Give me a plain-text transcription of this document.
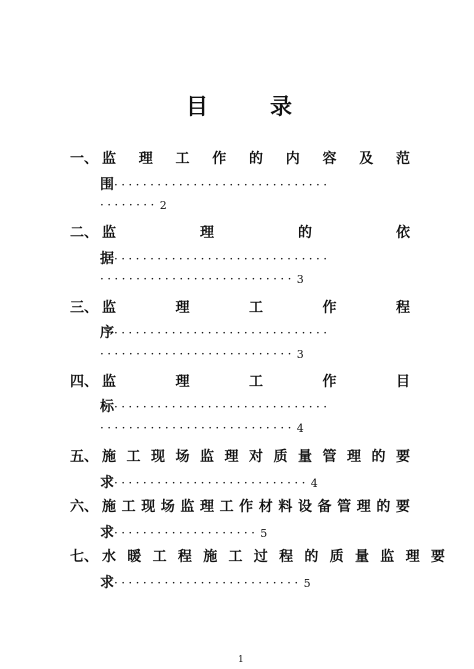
目	录
一、 监 理 工 作 的 内 容 及 范
围······························
········ 2
二、 监	理	的	依
据······························
··························· 3
三、 监	理	工	作	程
序······························
··························· 3
四、 监	理	工	作	目
标······························
··························· 4
五、 施 工 现 场 监 理 对 质 量 管 理 的 要
求··························· 4
六、 施 工 现 场 监 理 工 作 材 料 设 备 管 理 的 要
求···················· 5
七、 水 暖 工 程 施 工 过 程 的 质 量 监 理 要
求·························· 5
1
